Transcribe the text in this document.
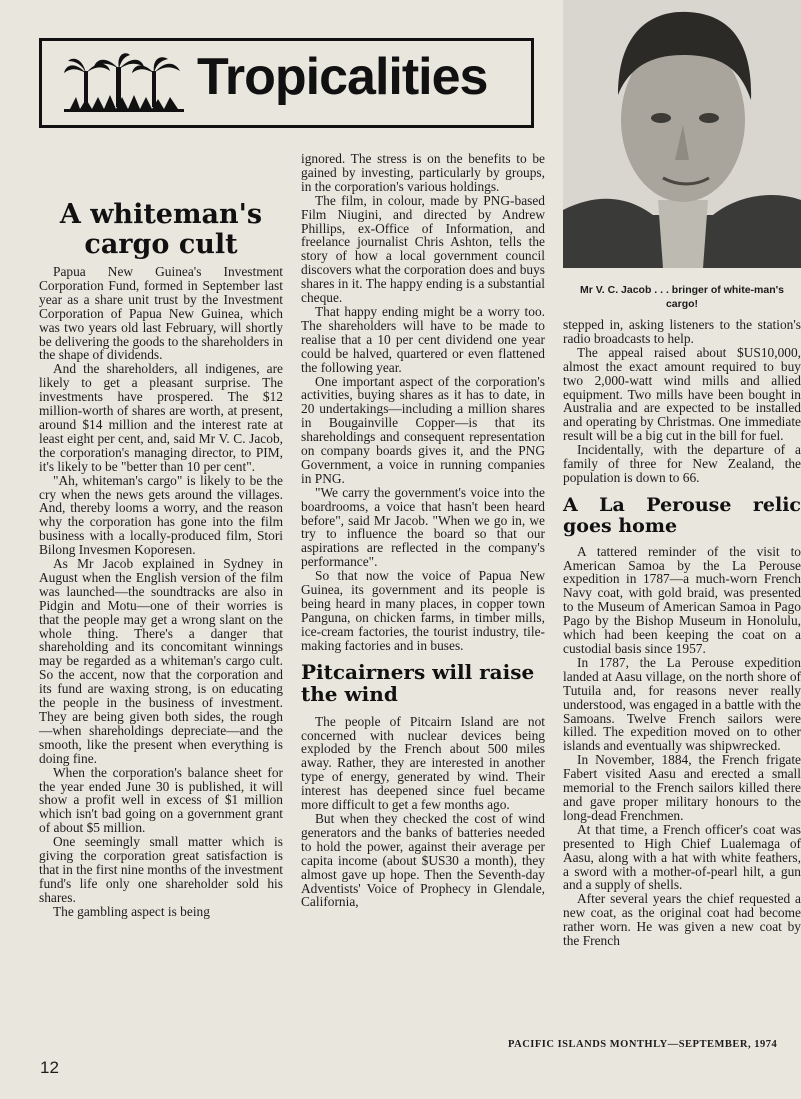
Tropicalities
A whiteman's cargo cult

Papua New Guinea's Investment Corporation Fund, formed in September last year as a share unit trust by the Investment Corporation of Papua New Guinea, which was two years old last February, will shortly be delivering the goods to the shareholders in the shape of dividends.

And the shareholders, all indigenes, are likely to get a pleasant surprise. The investments have prospered. The $12 million-worth of shares are worth, at present, around $14 million and the interest rate at least eight per cent, and, said Mr V. C. Jacob, the corporation's managing director, to PIM, it's likely to be "better than 10 per cent".

"Ah, whiteman's cargo" is likely to be the cry when the news gets around the villages. And, thereby looms a worry, and the reason why the corporation has gone into the film business with a locally-produced film, Stori Bilong Invesmen Koporesen.

As Mr Jacob explained in Sydney in August when the English version of the film was launched—the soundtracks are also in Pidgin and Motu—one of their worries is that the people may get a wrong slant on the whole thing. There's a danger that shareholding and its concomitant winnings may be regarded as a whiteman's cargo cult. So the accent, now that the corporation and its fund are waxing strong, is on educating the people in the business of investment. They are being given both sides, the rough —when shareholdings depreciate—and the smooth, like the present when everything is doing fine.

When the corporation's balance sheet for the year ended June 30 is published, it will show a profit well in excess of $1 million which isn't bad going on a government grant of about $5 million.

One seemingly small matter which is giving the corporation great satisfaction is that in the first nine months of the investment fund's life only one shareholder sold his shares.

The gambling aspect is being

ignored. The stress is on the benefits to be gained by investing, particularly by groups, in the corporation's various holdings.

The film, in colour, made by PNG-based Film Niugini, and directed by Andrew Phillips, ex-Office of Information, and freelance journalist Chris Ashton, tells the story of how a local government council discovers what the corporation does and buys shares in it. The happy ending is a substantial cheque.

That happy ending might be a worry too. The shareholders will have to be made to realise that a 10 per cent dividend one year could be halved, quartered or even flattened the following year.

One important aspect of the corporation's activities, buying shares as it has to date, in 20 undertakings—including a million shares in Bougainville Copper—is that its shareholdings and consequent representation on company boards gives it, and the PNG Government, a voice in running companies in PNG.

"We carry the government's voice into the boardrooms, a voice that hasn't been heard before", said Mr Jacob. "When we go in, we try to influence the board so that our aspirations are reflected in the company's performance".

So that now the voice of Papua New Guinea, its government and its people is being heard in many places, in copper town Panguna, on chicken farms, in timber mills, ice-cream factories, the tourist industry, tile-making factories and in buses.

Pitcairners will raise the wind

The people of Pitcairn Island are not concerned with nuclear devices being exploded by the French about 500 miles away. Rather, they are interested in another type of energy, generated by wind. Their interest has deepened since fuel became more difficult to get a few months ago.

But when they checked the cost of wind generators and the banks of batteries needed to hold the power, against their average per capita income (about $US30 a month), they almost gave up hope. Then the Seventh-day Adventists' Voice of Prophecy in Glendale, California,

Mr V. C. Jacob . . . bringer of white-man's cargo!

stepped in, asking listeners to the station's radio broadcasts to help.

The appeal raised about $US10,000, almost the exact amount required to buy two 2,000-watt wind mills and allied equipment. Two mills have been bought in Australia and are expected to be installed and operating by Christmas. One immediate result will be a big cut in the bill for fuel.

Incidentally, with the departure of a family of three for New Zealand, the population is down to 66.

A La Perouse relic goes home

A tattered reminder of the visit to American Samoa by the La Perouse expedition in 1787—a much-worn French Navy coat, with gold braid, was presented to the Museum of American Samoa in Pago Pago by the Bishop Museum in Honolulu, which had been keeping the coat on a custodial basis since 1957.

In 1787, the La Perouse expedition landed at Aasu village, on the north shore of Tutuila and, for reasons never really understood, was engaged in a battle with the Samoans. Twelve French sailors were killed. The expedition moved on to other islands and eventually was shipwrecked.

In November, 1884, the French frigate Fabert visited Aasu and erected a small memorial to the French sailors killed there and gave proper military honours to the long-dead Frenchmen.

At that time, a French officer's coat was presented to High Chief Lualemaga of Aasu, along with a hat with white feathers, a sword with a mother-of-pearl hilt, a gun and a supply of shells.

After several years the chief requested a new coat, as the original coat had become rather worn. He was given a new coat by the French

12
PACIFIC ISLANDS MONTHLY—SEPTEMBER, 1974
